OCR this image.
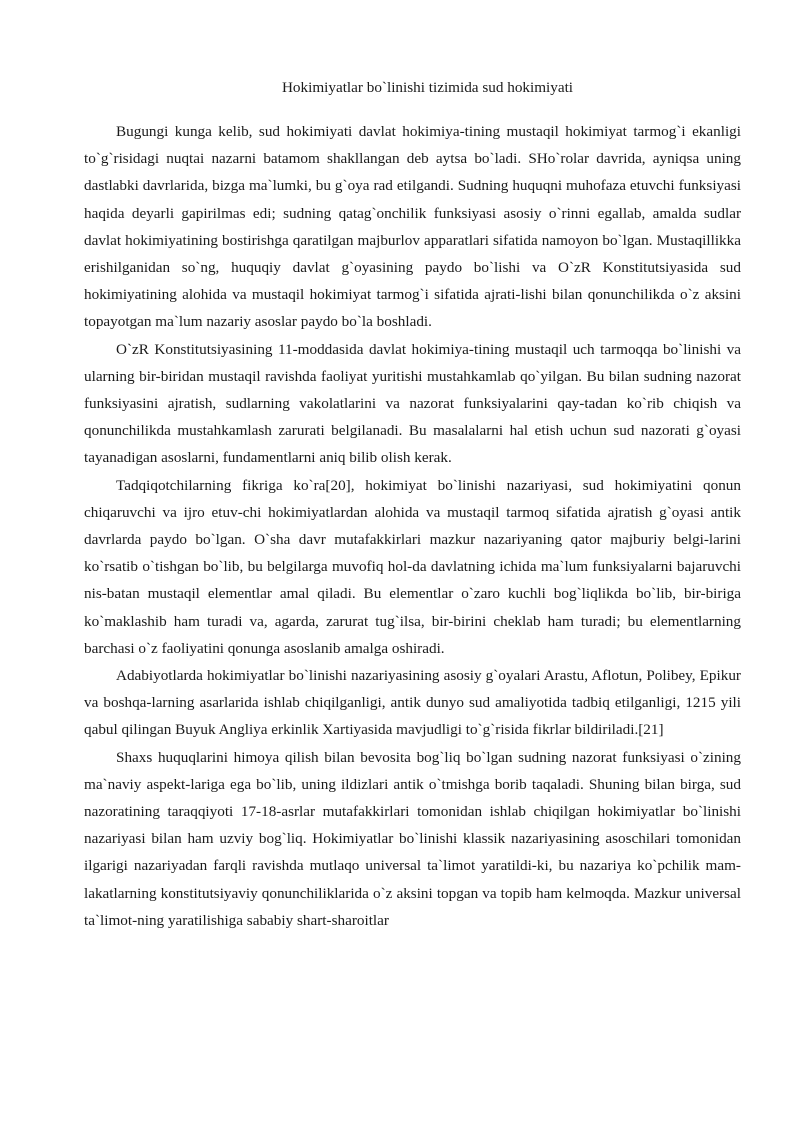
Hokimiyatlar bo`linishi tizimida sud hokimiyati

Bugungi kunga kelib, sud hokimiyati davlat hokimiya-tining mustaqil hokimiyat tarmog`i ekanligi to`g`risidagi nuqtai nazarni batamom shakllangan deb aytsa bo`ladi. SHo`rolar davrida, ayniqsa uning dastlabki davrlarida, bizga ma`lumki, bu g`oya rad etilgandi. Sudning huquqni muhofaza etuvchi funksiyasi haqida deyarli gapirilmas edi; sudning qatag`onchilik funksiyasi asosiy o`rinni egallab, amalda sudlar davlat hokimiyatining bostirishga qaratilgan majburlov apparatlari sifatida namoyon bo`lgan. Mustaqillikka erishilganidan so`ng, huquqiy davlat g`oyasining paydo bo`lishi va O`zR Konstitutsiyasida sud hokimiyatining alohida va mustaqil hokimiyat tarmog`i sifatida ajrati-lishi bilan qonunchilikda o`z aksini topayotgan ma`lum nazariy asoslar paydo bo`la boshladi.

O`zR Konstitutsiyasining 11-moddasida davlat hokimiya-tining mustaqil uch tarmoqqa bo`linishi va ularning bir-biridan mustaqil ravishda faoliyat yuritishi mustahkamlab qo`yilgan. Bu bilan sudning nazorat funksiyasini ajratish, sudlarning vakolatlarini va nazorat funksiyalarini qay-tadan ko`rib chiqish va qonunchilikda mustahkamlash zarurati belgilanadi. Bu masalalarni hal etish uchun sud nazorati g`oyasi tayanadigan asoslarni, fundamentlarni aniq bilib olish kerak.

Tadqiqotchilarning fikriga ko`ra[20], hokimiyat bo`linishi nazariyasi, sud hokimiyatini qonun chiqaruvchi va ijro etuv-chi hokimiyatlardan alohida va mustaqil tarmoq sifatida ajratish g`oyasi antik davrlarda paydo bo`lgan. O`sha davr mutafakkirlari mazkur nazariyaning qator majburiy belgi-larini ko`rsatib o`tishgan bo`lib, bu belgilarga muvofiq hol-da davlatning ichida ma`lum funksiyalarni bajaruvchi nis-batan mustaqil elementlar amal qiladi. Bu elementlar o`zaro kuchli bog`liqlikda bo`lib, bir-biriga ko`maklashib ham turadi va, agarda, zarurat tug`ilsa, bir-birini cheklab ham turadi; bu elementlarning barchasi o`z faoliyatini qonunga asoslanib amalga oshiradi.

Adabiyotlarda hokimiyatlar bo`linishi nazariyasining asosiy g`oyalari Arastu, Aflotun, Polibey, Epikur va boshqa-larning asarlarida ishlab chiqilganligi, antik dunyo sud amaliyotida tadbiq etilganligi, 1215 yili qabul qilingan Buyuk Angliya erkinlik Xartiyasida mavjudligi to`g`risida fikrlar bildiriladi.[21]

Shaxs huquqlarini himoya qilish bilan bevosita bog`liq bo`lgan sudning nazorat funksiyasi o`zining ma`naviy aspekt-lariga ega bo`lib, uning ildizlari antik o`tmishga borib taqaladi. Shuning bilan birga, sud nazoratining taraqqiyoti 17-18-asrlar mutafakkirlari tomonidan ishlab chiqilgan hokimiyatlar bo`linishi nazariyasi bilan ham uzviy bog`liq. Hokimiyatlar bo`linishi klassik nazariyasining asoschilari tomonidan ilgarigi nazariyadan farqli ravishda mutlaqo universal ta`limot yaratildi-ki, bu nazariya ko`pchilik mam-lakatlarning konstitutsiyaviy qonunchiliklarida o`z aksini topgan va topib ham kelmoqda. Mazkur universal ta`limot-ning yaratilishiga sababiy shart-sharoitlar
